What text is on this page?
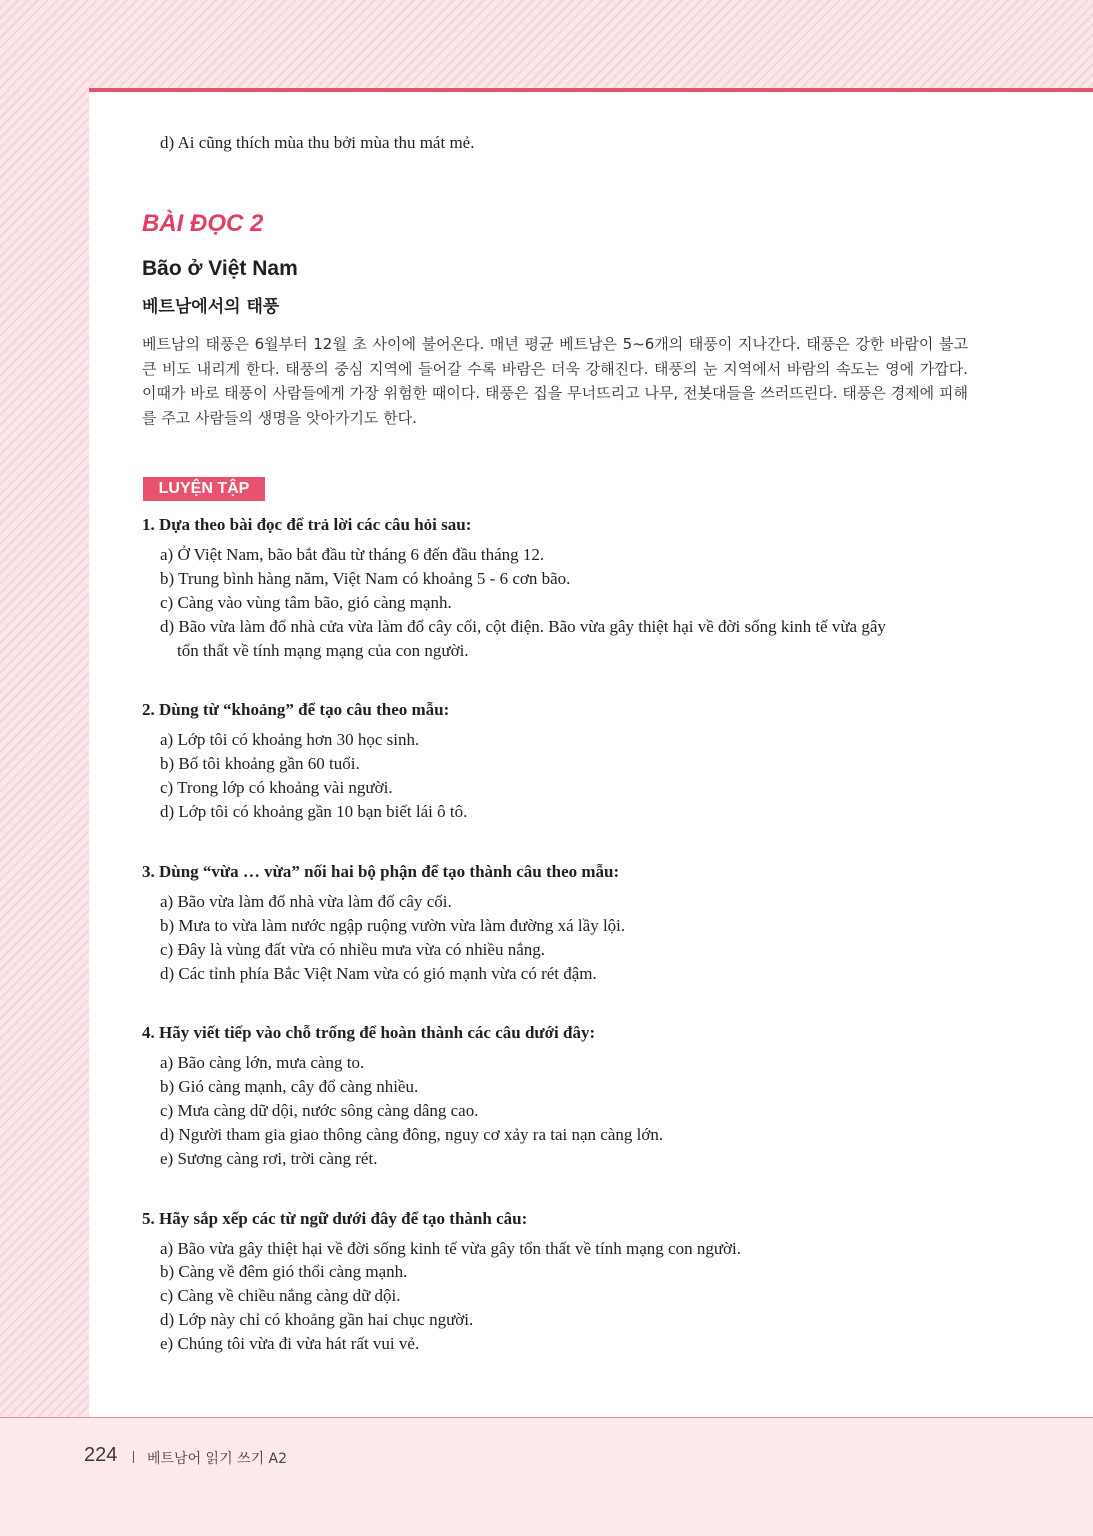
d) Ai cũng thích mùa thu bởi mùa thu mát mẻ.
BÀI ĐỌC 2
Bão ở Việt Nam
베트남에서의 태풍
베트남의 태풍은 6월부터 12월 초 사이에 불어온다. 매년 평균 베트남은 5~6개의 태풍이 지나간다. 태풍은 강한 바람이 불고 큰 비도 내리게 한다. 태풍의 중심 지역에 들어갈 수록 바람은 더욱 강해진다. 태풍의 눈 지역에서 바람의 속도는 영에 가깝다. 이때가 바로 태풍이 사람들에게 가장 위험한 때이다. 태풍은 집을 무너뜨리고 나무, 전봇대들을 쓰러뜨린다. 태풍은 경제에 피해를 주고 사람들의 생명을 앗아가기도 한다.
LUYỆN TẬP
1. Dựa theo bài đọc để trả lời các câu hỏi sau:
a) Ở Việt Nam, bão bắt đầu từ tháng 6 đến đầu tháng 12.
b) Trung bình hàng năm, Việt Nam có khoảng 5 - 6 cơn bão.
c) Càng vào vùng tâm bão, gió càng mạnh.
d) Bão vừa làm đổ nhà cửa vừa làm đổ cây cối, cột điện. Bão vừa gây thiệt hại về đời sống kinh tế vừa gây
tổn thất về tính mạng mạng của con người.
2. Dùng từ “khoảng” để tạo câu theo mẫu:
a) Lớp tôi có khoảng hơn 30 học sinh.
b) Bố tôi khoảng gần 60 tuổi.
c) Trong lớp có khoảng vài người.
d) Lớp tôi có khoảng gần 10 bạn biết lái ô tô.
3. Dùng “vừa … vừa” nối hai bộ phận để tạo thành câu theo mẫu:
a) Bão vừa làm đổ nhà vừa làm đổ cây cối.
b) Mưa to vừa làm nước ngập ruộng vườn vừa làm đường xá lầy lội.
c) Đây là vùng đất vừa có nhiều mưa vừa có nhiều nắng.
d) Các tỉnh phía Bắc Việt Nam vừa có gió mạnh vừa có rét đậm.
4. Hãy viết tiếp vào chỗ trống để hoàn thành các câu dưới đây:
a) Bão càng lớn, mưa càng to.
b) Gió càng mạnh, cây đổ càng nhiều.
c) Mưa càng dữ dội, nước sông càng dâng cao.
d) Người tham gia giao thông càng đông, nguy cơ xảy ra tai nạn càng lớn.
e) Sương càng rơi, trời càng rét.
5. Hãy sắp xếp các từ ngữ dưới đây để tạo thành câu:
a) Bão vừa gây thiệt hại về đời sống kinh tế vừa gây tổn thất về tính mạng con người.
b) Càng về đêm gió thổi càng mạnh.
c) Càng về chiều nắng càng dữ dội.
d) Lớp này chỉ có khoảng gần hai chục người.
e) Chúng tôi vừa đi vừa hát rất vui vẻ.
224 베트남어 읽기 쓰기 A2
